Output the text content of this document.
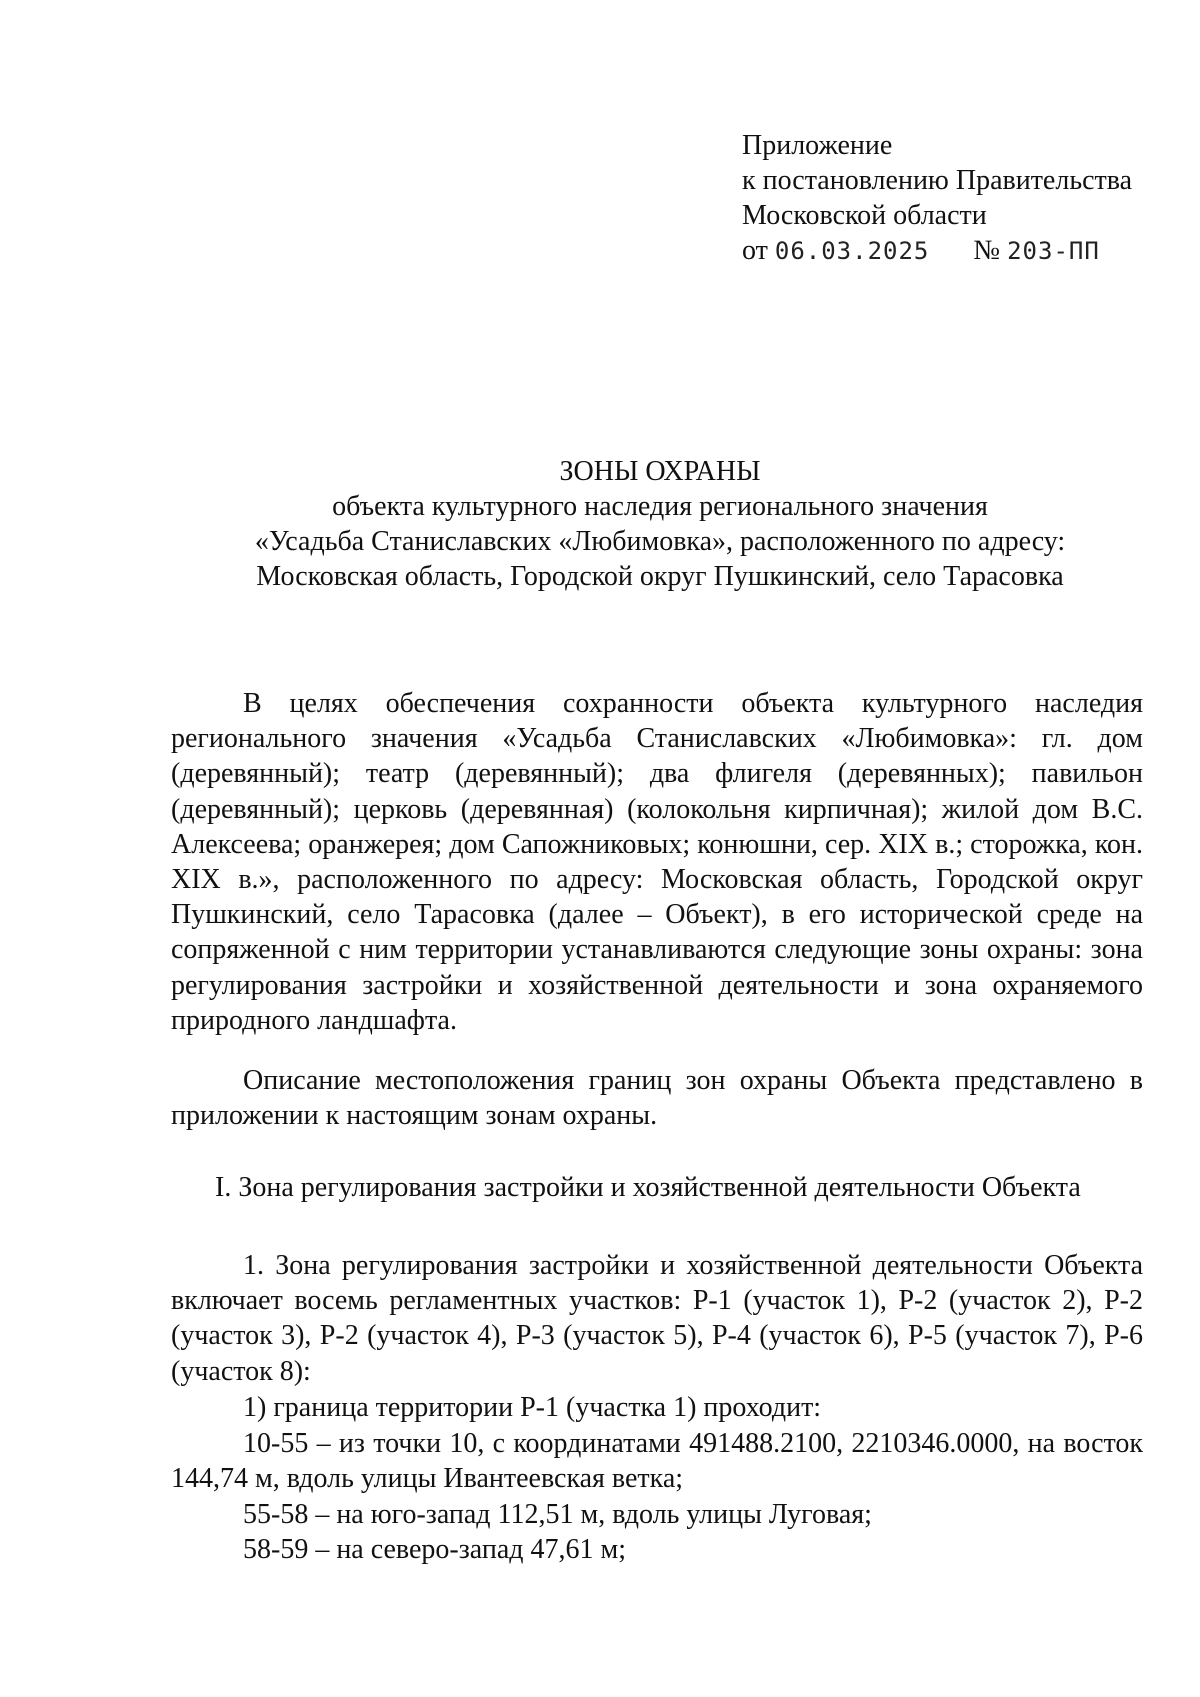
Приложение
к постановлению Правительства
Московской области
от 06.03.2025 № 203-ПП
ЗОНЫ ОХРАНЫ
объекта культурного наследия регионального значения
«Усадьба Станиславских «Любимовка», расположенного по адресу:
Московская область, Городской округ Пушкинский, село Тарасовка

В целях обеспечения сохранности объекта культурного наследия регионального значения «Усадьба Станиславских «Любимовка»: гл. дом (деревянный); театр (деревянный); два флигеля (деревянных); павильон (деревянный); церковь (деревянная) (колокольня кирпичная); жилой дом В.С. Алексеева; оранжерея; дом Сапожниковых; конюшни, сер. XIX в.; сторожка, кон. XIX в.», расположенного по адресу: Московская область, Городской округ Пушкинский, село Тарасовка (далее – Объект), в его исторической среде на сопряженной с ним территории устанавливаются следующие зоны охраны: зона регулирования застройки и хозяйственной деятельности и зона охраняемого природного ландшафта.

Описание местоположения границ зон охраны Объекта представлено в приложении к настоящим зонам охраны.

I. Зона регулирования застройки и хозяйственной деятельности Объекта

1. Зона регулирования застройки и хозяйственной деятельности Объекта включает восемь регламентных участков: Р-1 (участок 1), Р-2 (участок 2), Р-2 (участок 3), Р-2 (участок 4), Р-3 (участок 5), Р-4 (участок 6), Р-5 (участок 7), Р-6 (участок 8):

1) граница территории Р-1 (участка 1) проходит:
10-55 – из точки 10, с координатами 491488.2100, 2210346.0000, на восток
144,74 м, вдоль улицы Ивантеевская ветка;
55-58 – на юго-запад 112,51 м, вдоль улицы Луговая;
58-59 – на северо-запад 47,61 м;
